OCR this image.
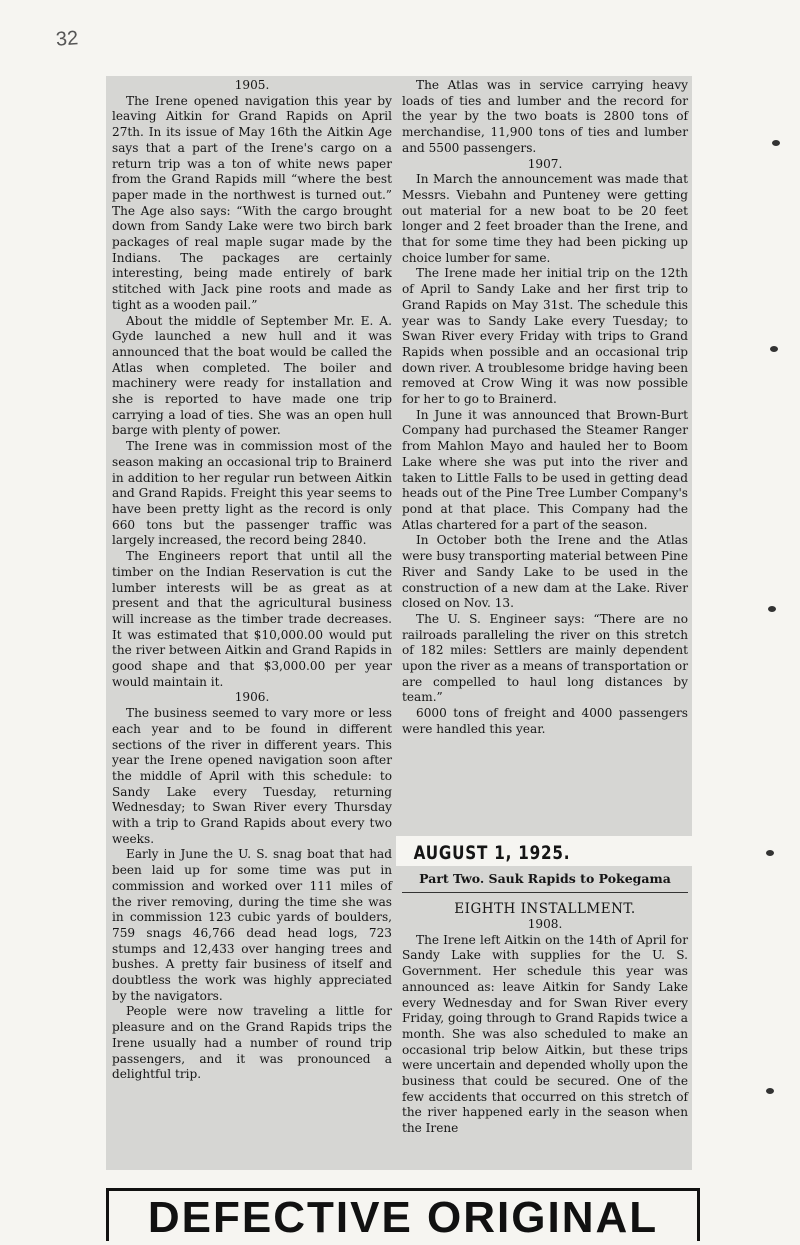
32
1905.

The Irene opened navigation this year by leaving Aitkin for Grand Rapids on April 27th. In its issue of May 16th the Aitkin Age says that a part of the Irene's cargo on a return trip was a ton of white news paper from the Grand Rapids mill “where the best paper made in the northwest is turned out.” The Age also says: “With the cargo brought down from Sandy Lake were two birch bark packages of real maple sugar made by the Indians. The packages are certainly interesting, being made entirely of bark stitched with Jack pine roots and made as tight as a wooden pail.”

About the middle of September Mr. E. A. Gyde launched a new hull and it was announced that the boat would be called the Atlas when completed. The boiler and machinery were ready for installation and she is reported to have made one trip carrying a load of ties. She was an open hull barge with plenty of power.

The Irene was in commission most of the season making an occasional trip to Brainerd in addition to her regular run between Aitkin and Grand Rapids. Freight this year seems to have been pretty light as the record is only 660 tons but the passenger traffic was largely increased, the record being 2840.

The Engineers report that until all the timber on the Indian Reservation is cut the lumber interests will be as great as at present and that the agricultural business will increase as the timber trade decreases. It was estimated that $10,000.00 would put the river between Aitkin and Grand Rapids in good shape and that $3,000.00 per year would maintain it.

1906.

The business seemed to vary more or less each year and to be found in different sections of the river in different years. This year the Irene opened navigation soon after the middle of April with this schedule: to Sandy Lake every Tuesday, returning Wednesday; to Swan River every Thursday with a trip to Grand Rapids about every two weeks.

Early in June the U. S. snag boat that had been laid up for some time was put in commission and worked over 111 miles of the river removing, during the time she was in commission 123 cubic yards of boulders, 759 snags 46,766 dead head logs, 723 stumps and 12,433 over hanging trees and bushes. A pretty fair business of itself and doubtless the work was highly appreciated by the navigators.

People were now traveling a little for pleasure and on the Grand Rapids trips the Irene usually had a number of round trip passengers, and it was pronounced a delightful trip.

The Atlas was in service carrying heavy loads of ties and lumber and the record for the year by the two boats is 2800 tons of merchandise, 11,900 tons of ties and lumber and 5500 passengers.

1907.

In March the announcement was made that Messrs. Viebahn and Punteney were getting out material for a new boat to be 20 feet longer and 2 feet broader than the Irene, and that for some time they had been picking up choice lumber for same.

The Irene made her initial trip on the 12th of April to Sandy Lake and her first trip to Grand Rapids on May 31st. The schedule this year was to Sandy Lake every Tuesday; to Swan River every Friday with trips to Grand Rapids when possible and an occasional trip down river. A troublesome bridge having been removed at Crow Wing it was now possible for her to go to Brainerd.

In June it was announced that Brown-Burt Company had purchased the Steamer Ranger from Mahlon Mayo and hauled her to Boom Lake where she was put into the river and taken to Little Falls to be used in getting dead heads out of the Pine Tree Lumber Company's pond at that place. This Company had the Atlas chartered for a part of the season.

In October both the Irene and the Atlas were busy transporting material between Pine River and Sandy Lake to be used in the construction of a new dam at the Lake. River closed on Nov. 13.

The U. S. Engineer says: “There are no railroads paralleling the river on this stretch of 182 miles: Settlers are mainly dependent upon the river as a means of transportation or are compelled to haul long distances by team.”

6000 tons of freight and 4000 passengers were handled this year.

AUGUST 1, 1925.
Part Two. Sauk Rapids to Pokegama
EIGHTH INSTALLMENT.
1908.

The Irene left Aitkin on the 14th of April for Sandy Lake with supplies for the U. S. Government. Her schedule this year was announced as: leave Aitkin for Sandy Lake every Wednesday and for Swan River every Friday, going through to Grand Rapids twice a month. She was also scheduled to make an occasional trip below Aitkin, but these trips were uncertain and depended wholly upon the business that could be secured. One of the few accidents that occurred on this stretch of the river happened early in the season when the Irene

DEFECTIVE ORIGINAL
